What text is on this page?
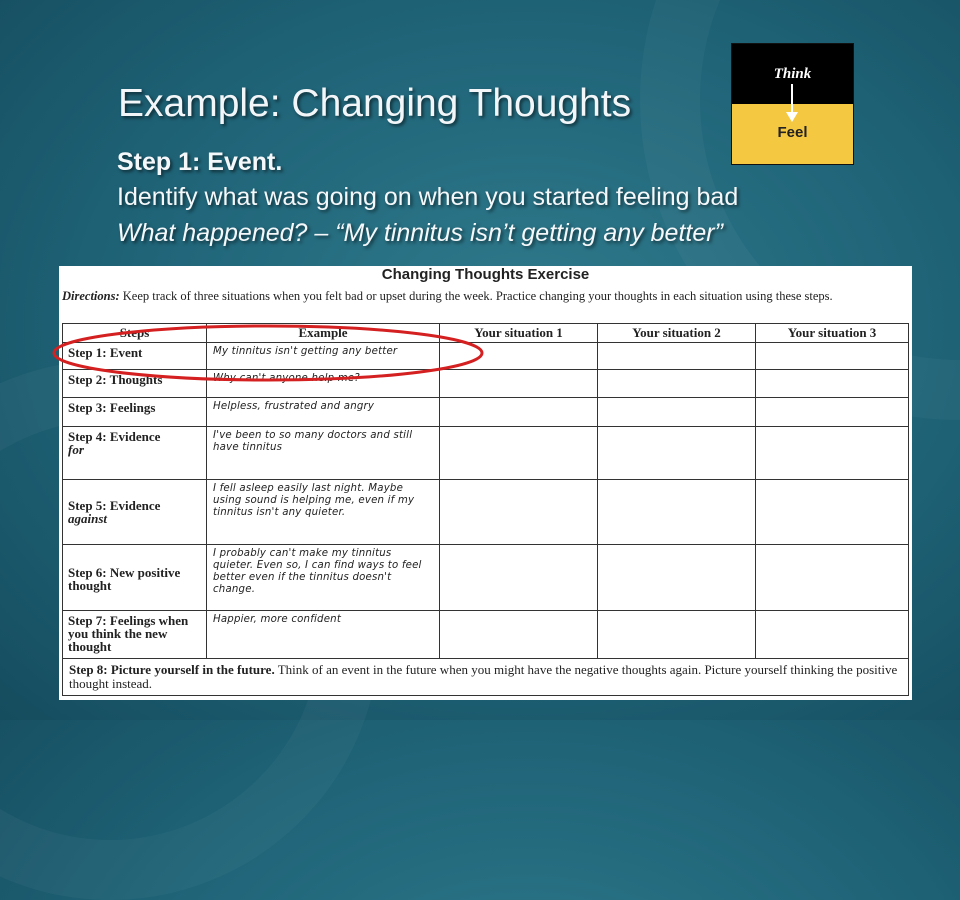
Example: Changing Thoughts
Step 1: Event.
Identify what was going on when you started feeling bad
What happened? – “My tinnitus isn’t getting any better”
Think
Feel
Changing Thoughts Exercise
Directions: Keep track of three situations when you felt bad or upset during the week. Practice changing your thoughts in each situation using these steps.
Steps	Example	Your situation 1	Your situation 2	Your situation 3
Step 1: Event	My tinnitus isn't getting any better			
Step 2: Thoughts	Why can't anyone help me?			
Step 3: Feelings	Helpless, frustrated and angry			
Step 4: Evidence
for	I've been to so many doctors and still have tinnitus			

Step 5: Evidence
against	I fell asleep easily last night. Maybe using sound is helping me, even if my tinnitus isn't any quieter.			

Step 6: New positive thought	I probably can't make my tinnitus quieter. Even so, I can find ways to feel better even if the tinnitus doesn't change.			
Step 7: Feelings when you think the new thought	Happier, more confident			
Step 8: Picture yourself in the future. Think of an event in the future when you might have the negative thoughts again. Picture yourself thinking the positive thought instead.				
